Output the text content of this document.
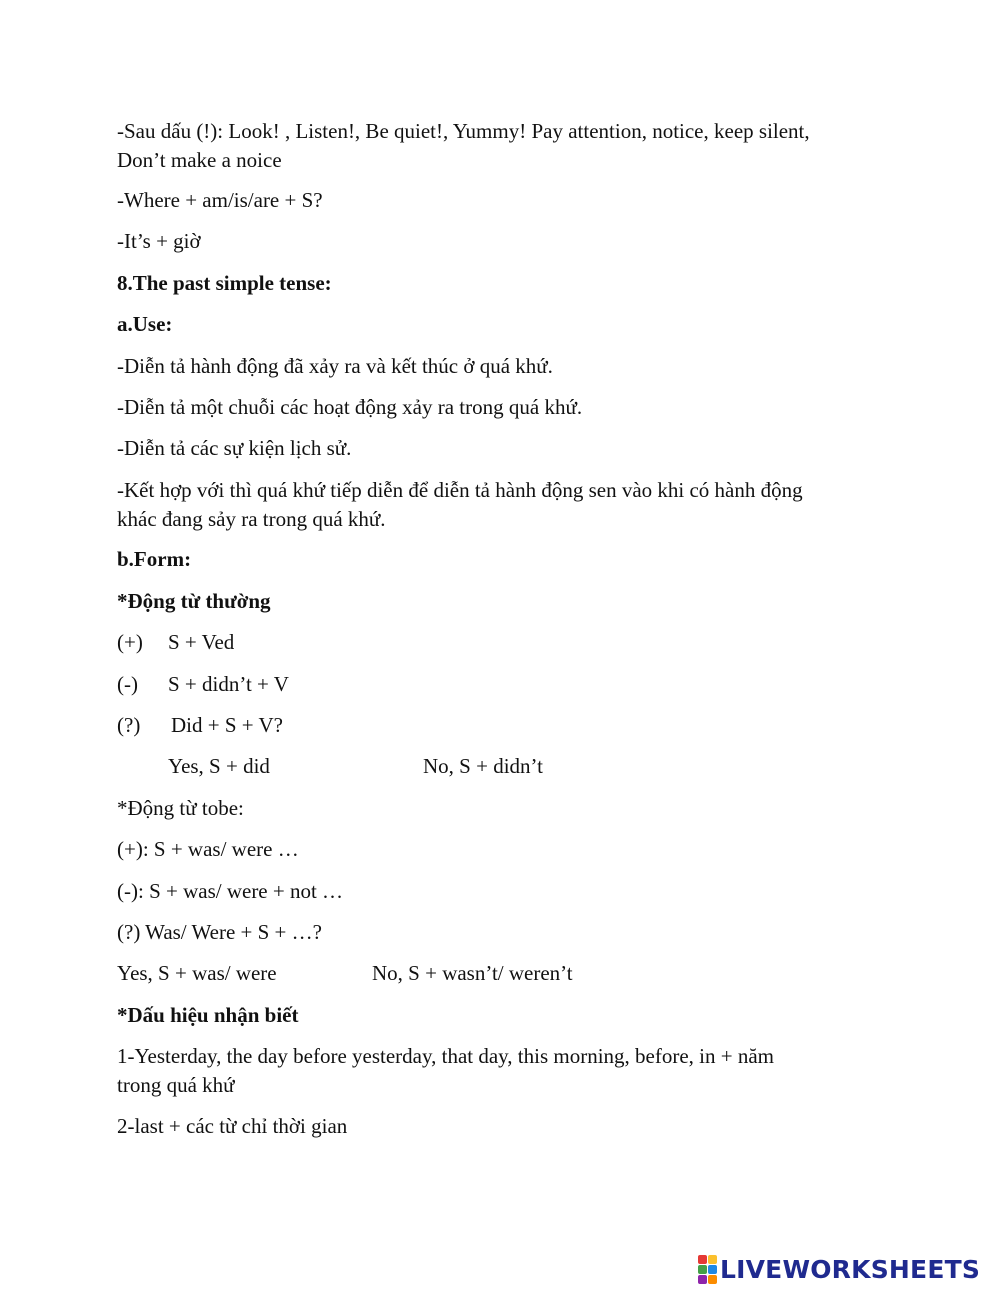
-Sau dấu (!): Look! , Listen!, Be quiet!, Yummy! Pay attention, notice, keep silent,

Don’t make a noice

-Where + am/is/are + S?

-It’s + giờ

8.The past simple tense:

a.Use:

-Diễn tả hành động đã xảy ra và kết thúc ở quá khứ.

-Diễn tả một chuỗi các hoạt động xảy ra trong quá khứ.

-Diễn tả các sự kiện lịch sử.

-Kết hợp với thì quá khứ tiếp diễn để diễn tả hành động sen vào khi có hành động

khác đang sảy ra trong quá khứ.

b.Form:

*Động từ thường

(+) S + Ved
(-) S + didn’t + V
(?) Did + S + V?
Yes, S + did	No, S + didn’t

*Động từ tobe:

(+): S + was/ were …

(-): S + was/ were + not …

(?) Was/ Were + S + …?

Yes, S + was/ were	No, S + wasn’t/ weren’t

*Dấu hiệu nhận biết

1-Yesterday, the day before yesterday, that day, this morning, before, in + năm

trong quá khứ

2-last + các từ chỉ thời gian

LIVEWORKSHEETS
